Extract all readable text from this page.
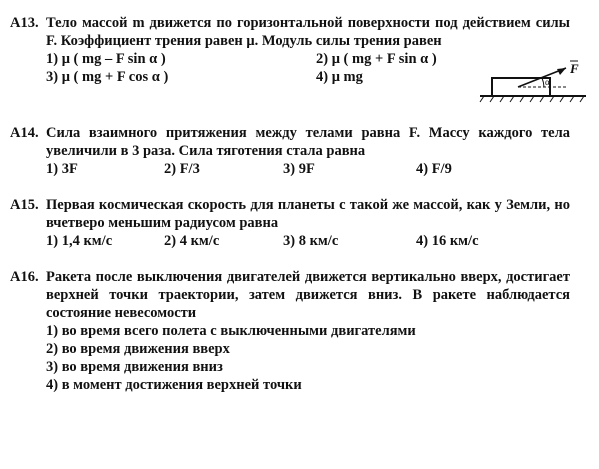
А13. Тело массой m движется по горизонтальной поверхности под действием силы F. Коэффициент трения равен μ. Модуль силы трения равен
1) μ ( mg – F sin α )	2) μ ( mg + F sin α )
3) μ ( mg + F cos α )	4) μ mg	α
F
А14. Сила взаимного притяжения между телами равна F. Массу каждого тела увеличили в 3 раза. Сила тяготения стала равна
1) 3F	2) F/3	3) 9F	4) F/9
А15. Первая космическая скорость для планеты с такой же массой, как у Земли, но вчетверо меньшим радиусом равна
1) 1,4 км/с	2) 4 км/с	3) 8 км/с	4) 16 км/с
А16. Ракета после выключения двигателей движется вертикально вверх, достигает верхней точки траектории, затем движется вниз. В ракете наблюдается состояние невесомости
1) во время всего полета с выключенными двигателями
2) во время движения вверх
3) во время движения вниз
4) в момент достижения верхней точки
